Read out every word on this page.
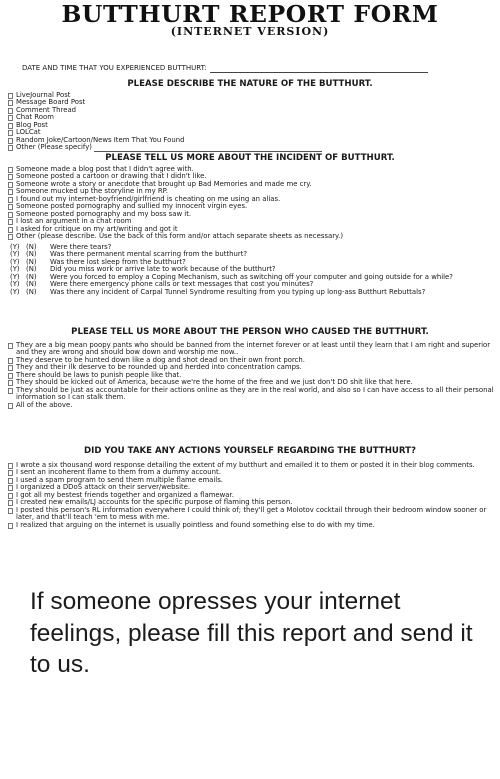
BUTTHURT REPORT FORM
(INTERNET VERSION)
DATE AND TIME THAT YOU EXPERIENCED BUTTHURT:
PLEASE DESCRIBE THE NATURE OF THE BUTTHURT.
LiveJournal Post
Message Board Post
Comment Thread
Chat Room
Blog Post
LOLCat
Random Joke/Cartoon/News Item That You Found
Other (Please specify)
PLEASE TELL US MORE ABOUT THE INCIDENT OF BUTTHURT.
Someone made a blog post that I didn't agree with.
Someone posted a cartoon or drawing that I didn't like.
Someone wrote a story or anecdote that brought up Bad Memories and made me cry.
Someone mucked up the storyline in my RP.
I found out my internet-boyfriend/girlfriend is cheating on me using an alias.
Someone posted pornography and sullied my innocent virgin eyes.
Someone posted pornography and my boss saw it.
I lost an argument in a chat room
I asked for critique on my art/writing and got it
Other (please describe. Use the back of this form and/or attach separate sheets as necessary.)
(Y) (N) Were there tears?
(Y) (N) Was there permanent mental scarring from the butthurt?
(Y) (N) Was there lost sleep from the butthurt?
(Y) (N) Did you miss work or arrive late to work because of the butthurt?
(Y) (N) Were you forced to employ a Coping Mechanism, such as switching off your computer and going outside for a while?
(Y) (N) Were there emergency phone calls or text messages that cost you minutes?
(Y) (N) Was there any incident of Carpal Tunnel Syndrome resulting from you typing up long-ass Butthurt Rebuttals?
PLEASE TELL US MORE ABOUT THE PERSON WHO CAUSED THE BUTTHURT.
They are a big mean poopy pants who should be banned from the internet forever or at least until they learn that I am right and superior and they are wrong and should bow down and worship me now..
They deserve to be hunted down like a dog and shot dead on their own front porch.
They and their ilk deserve to be rounded up and herded into concentration camps.
There should be laws to punish people like that.
They should be kicked out of America, because we're the home of the free and we just don't DO shit like that here.
They should be just as accountable for their actions online as they are in the real world, and also so I can have access to all their personal information so I can stalk them.
All of the above.
DID YOU TAKE ANY ACTIONS YOURSELF REGARDING THE BUTTHURT?
I wrote a six thousand word response detailing the extent of my butthurt and emailed it to them or posted it in their blog comments.
I sent an incoherent flame to them from a dummy account.
I used a spam program to send them multiple flame emails.
I organized a DDoS attack on their server/website.
I got all my bestest friends together and organized a flamewar.
I created new emails/LJ accounts for the specific purpose of flaming this person.
I posted this person's RL information everywhere I could think of; they'll get a Molotov cocktail through their bedroom window sooner or later, and that'll teach 'em to mess with me.
I realized that arguing on the internet is usually pointless and found something else to do with my time.
If someone opresses your internet feelings, please fill this report and send it to us.
